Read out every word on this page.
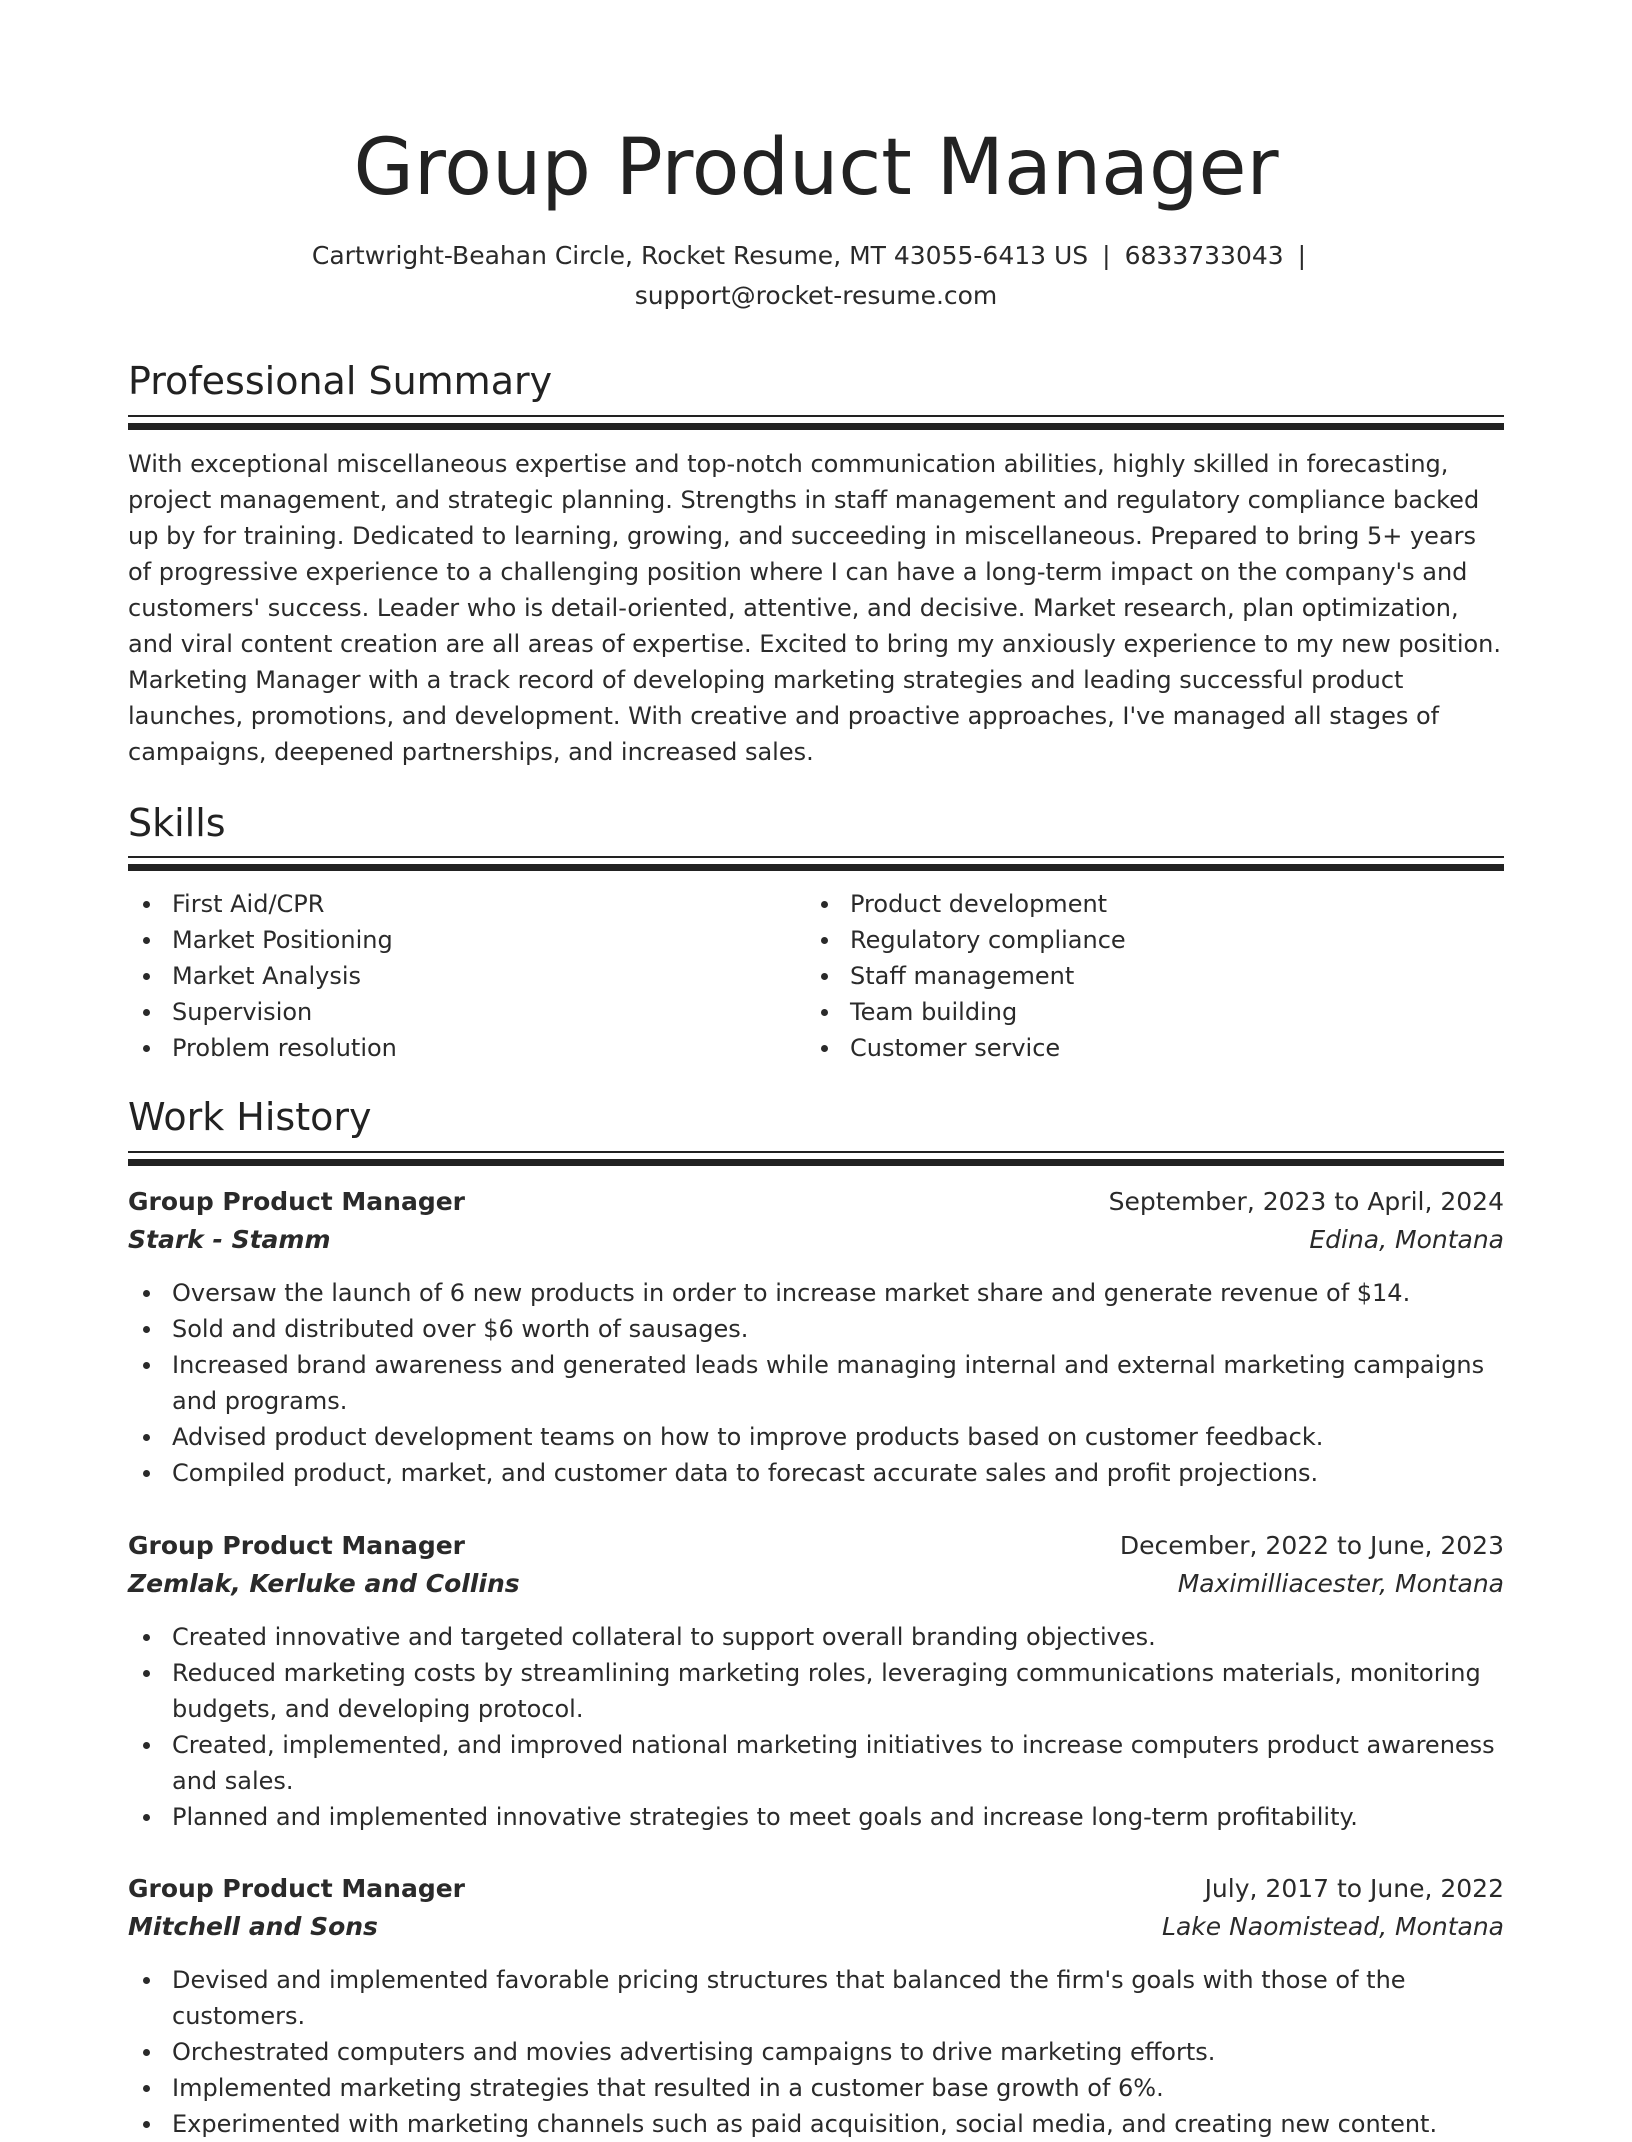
Group Product Manager
Cartwright-Beahan Circle, Rocket Resume, MT 43055-6413 US | 6833733043 |
support@rocket-resume.com
Professional Summary

With exceptional miscellaneous expertise and top-notch communication abilities, highly skilled in forecasting, project management, and strategic planning. Strengths in staff management and regulatory compliance backed up by for training. Dedicated to learning, growing, and succeeding in miscellaneous. Prepared to bring 5+ years of progressive experience to a challenging position where I can have a long-term impact on the company's and customers' success. Leader who is detail-oriented, attentive, and decisive. Market research, plan optimization, and viral content creation are all areas of expertise. Excited to bring my anxiously experience to my new position. Marketing Manager with a track record of developing marketing strategies and leading successful product launches, promotions, and development. With creative and proactive approaches, I've managed all stages of campaigns, deepened partnerships, and increased sales.

Skills
First Aid/CPR
Market Positioning
Market Analysis
Supervision
Problem resolution
Product development
Regulatory compliance
Staff management
Team building
Customer service
Work History
Group Product Manager	September, 2023 to April, 2024
Stark - Stamm	Edina, Montana
Oversaw the launch of 6 new products in order to increase market share and generate revenue of $14.
Sold and distributed over $6 worth of sausages.
Increased brand awareness and generated leads while managing internal and external marketing campaigns and programs.
Advised product development teams on how to improve products based on customer feedback.
Compiled product, market, and customer data to forecast accurate sales and profit projections.
Group Product Manager	December, 2022 to June, 2023
Zemlak, Kerluke and Collins	Maximilliacester, Montana
Created innovative and targeted collateral to support overall branding objectives.
Reduced marketing costs by streamlining marketing roles, leveraging communications materials, monitoring budgets, and developing protocol.
Created, implemented, and improved national marketing initiatives to increase computers product awareness and sales.
Planned and implemented innovative strategies to meet goals and increase long-term profitability.
Group Product Manager	July, 2017 to June, 2022
Mitchell and Sons	Lake Naomistead, Montana
Devised and implemented favorable pricing structures that balanced the firm's goals with those of the customers.
Orchestrated computers and movies advertising campaigns to drive marketing efforts.
Implemented marketing strategies that resulted in a customer base growth of 6%.
Experimented with marketing channels such as paid acquisition, social media, and creating new content.
